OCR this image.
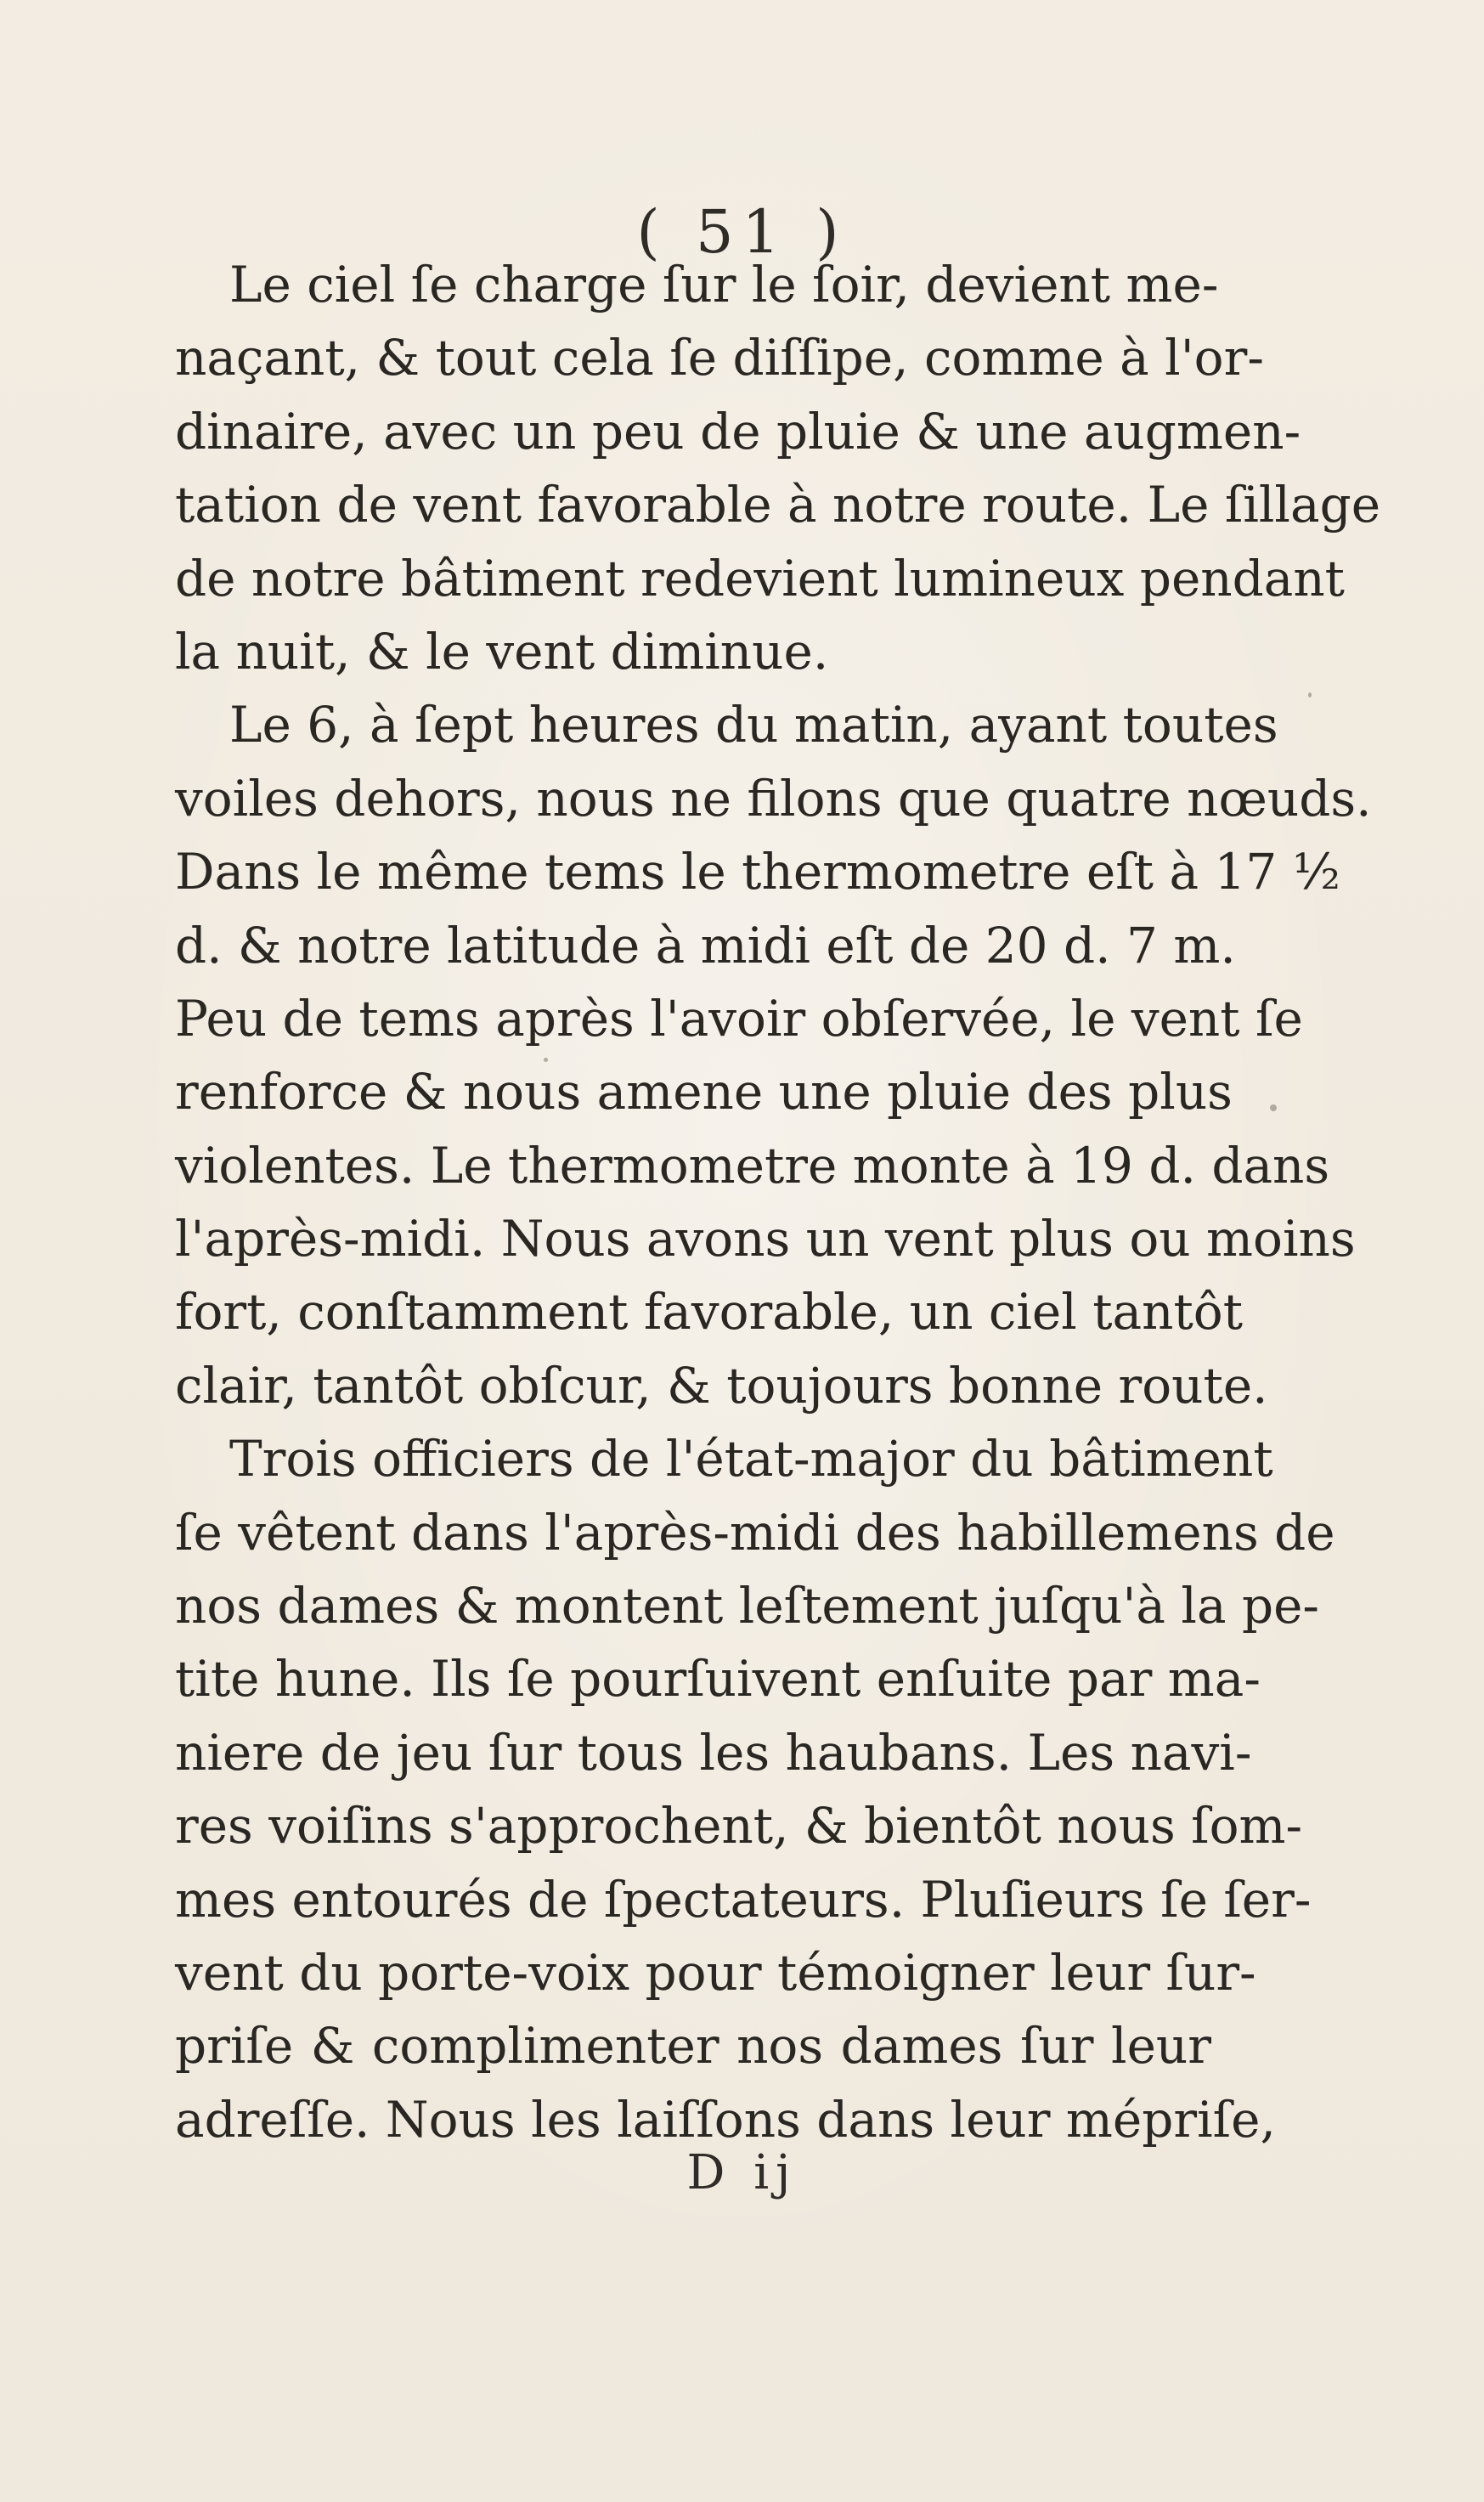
( 51 )
Le ciel ſe charge ſur le ſoir, devient me-
naçant, & tout cela ſe diſſipe, comme à l'or-
dinaire, avec un peu de pluie & une augmen-
tation de vent favorable à notre route. Le ſillage
de notre bâtiment redevient lumineux pendant
la nuit, & le vent diminue.
Le 6, à ſept heures du matin, ayant toutes
voiles dehors, nous ne filons que quatre nœuds.
Dans le même tems le thermometre eſt à 17 ½
d. & notre latitude à midi eſt de 20 d. 7 m.
Peu de tems après l'avoir obſervée, le vent ſe
renforce & nous amene une pluie des plus
violentes. Le thermometre monte à 19 d. dans
l'après-midi. Nous avons un vent plus ou moins
fort, conſtamment favorable, un ciel tantôt
clair, tantôt obſcur, & toujours bonne route.
Trois officiers de l'état-major du bâtiment
ſe vêtent dans l'après-midi des habillemens de
nos dames & montent leſtement juſqu'à la pe-
tite hune. Ils ſe pourſuivent enſuite par ma-
niere de jeu ſur tous les haubans. Les navi-
res voiſins s'approchent, & bientôt nous ſom-
mes entourés de ſpectateurs. Pluſieurs ſe ſer-
vent du porte-voix pour témoigner leur ſur-
priſe & complimenter nos dames ſur leur
adreſſe. Nous les laiſſons dans leur mépriſe,
D ij
